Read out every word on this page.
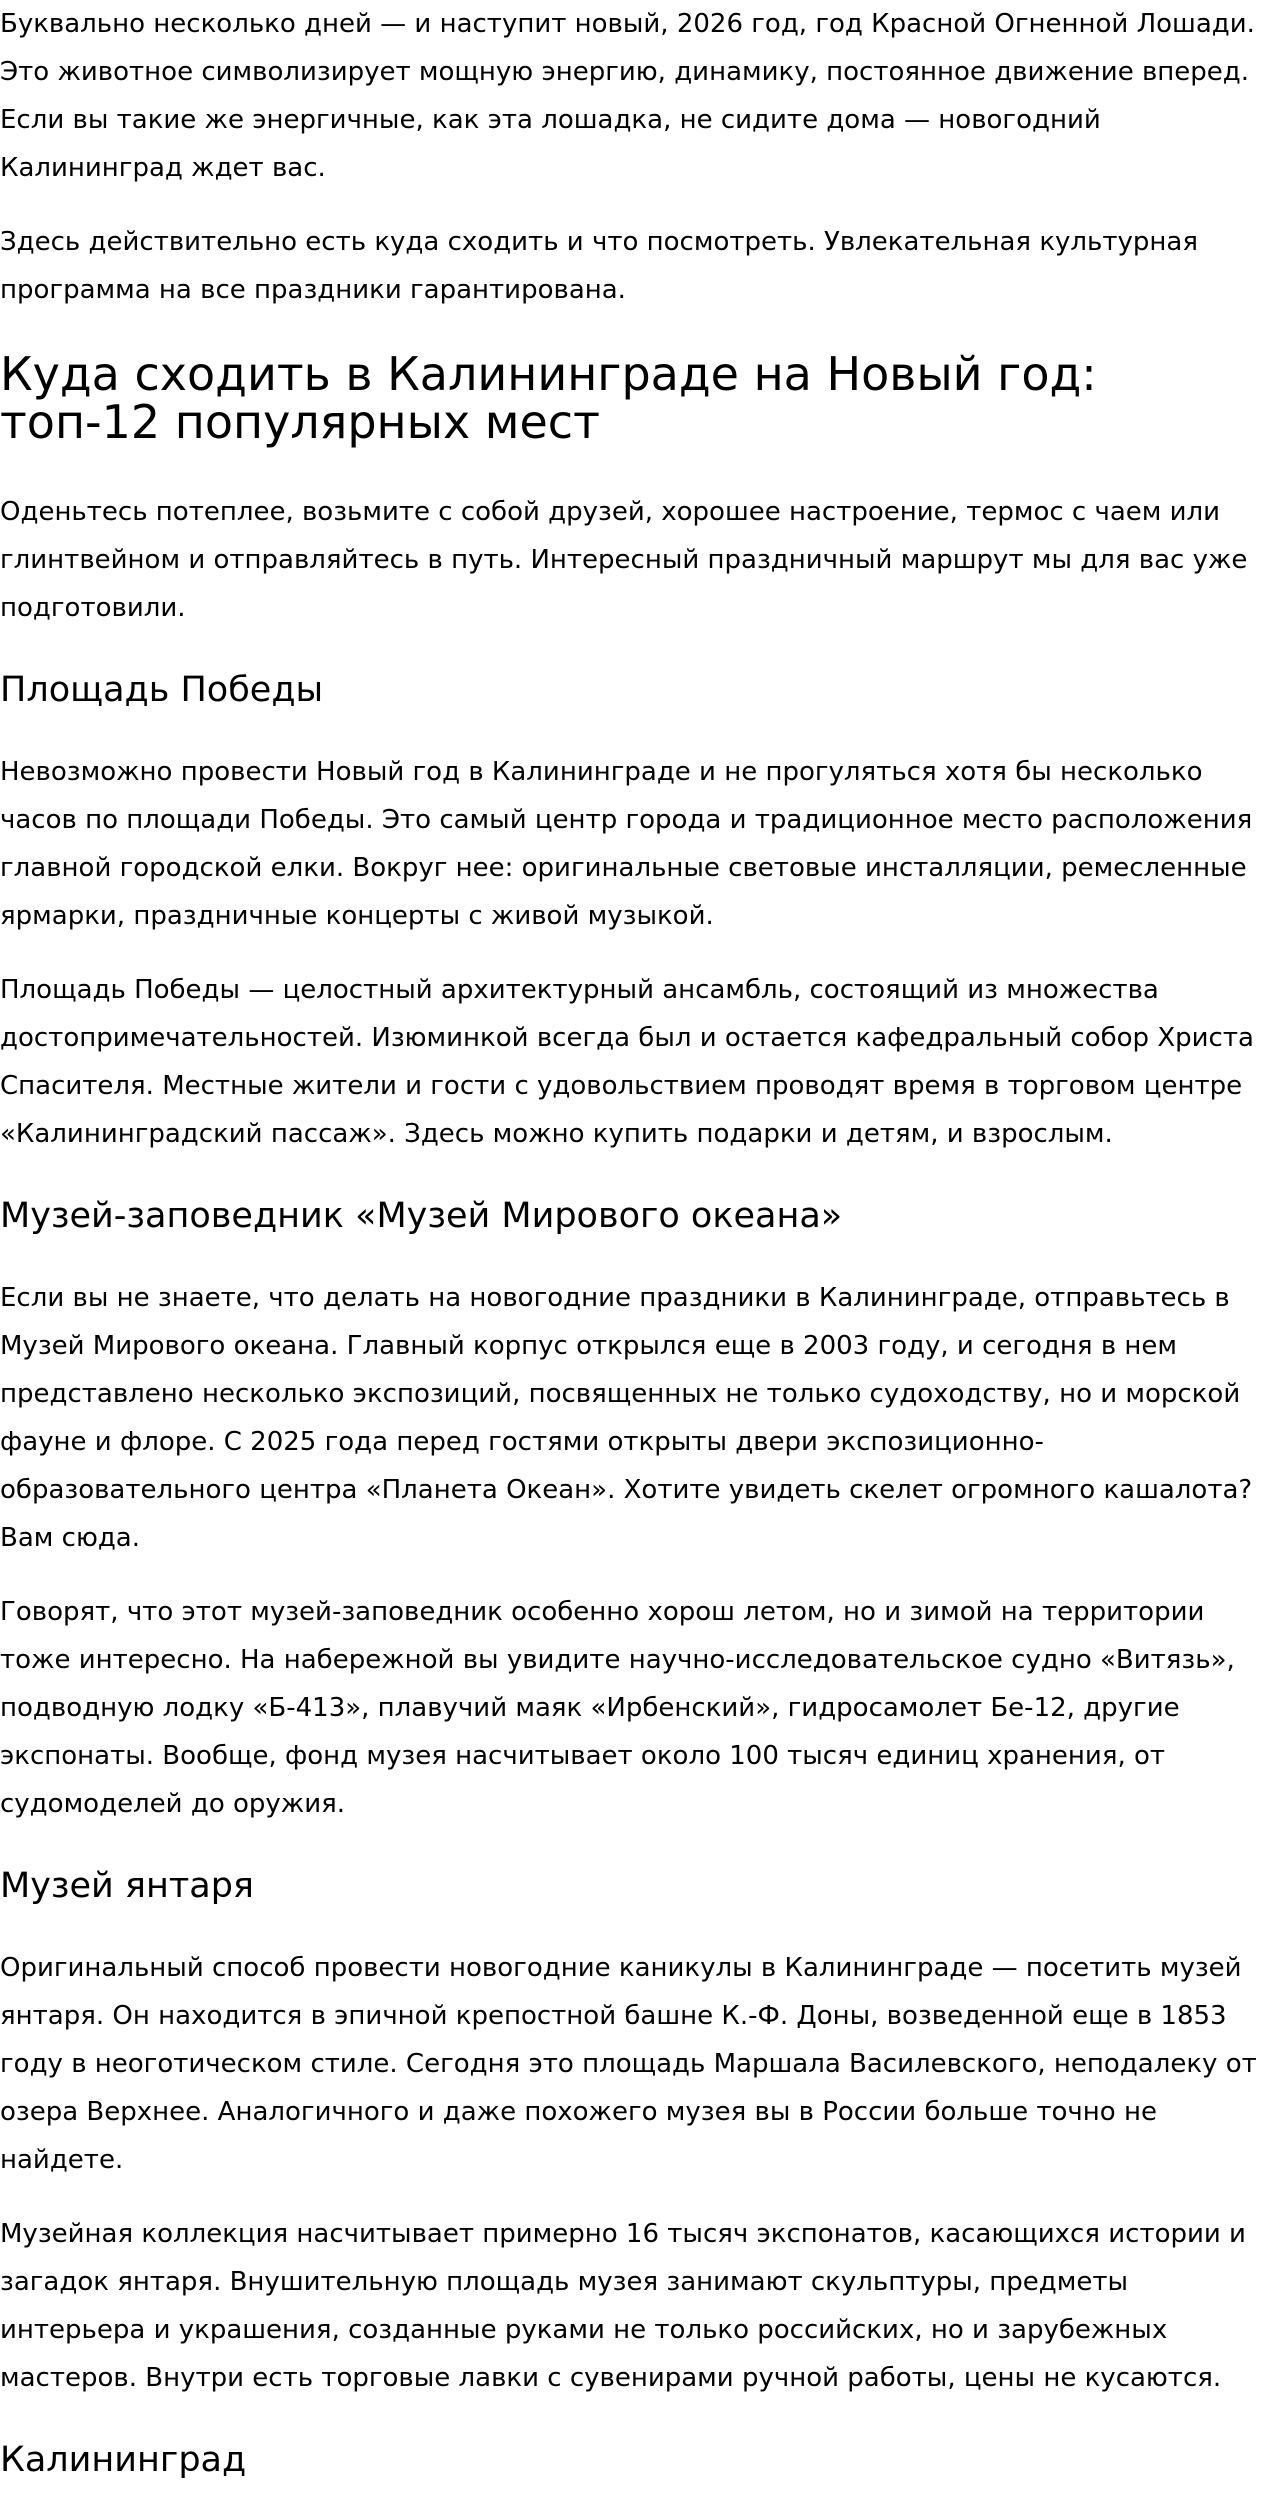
Буквально несколько дней — и наступит новый, 2026 год, год Красной Огненной Лошади. Это животное символизирует мощную энергию, динамику, постоянное движение вперед. Если вы такие же энергичные, как эта лошадка, не сидите дома — новогодний Калининград ждет вас.

Здесь действительно есть куда сходить и что посмотреть. Увлекательная культурная программа на все праздники гарантирована.

Куда сходить в Калининграде на Новый год: топ-12 популярных мест

Оденьтесь потеплее, возьмите с собой друзей, хорошее настроение, термос с чаем или глинтвейном и отправляйтесь в путь. Интересный праздничный маршрут мы для вас уже подготовили.

Площадь Победы

Невозможно провести Новый год в Калининграде и не прогуляться хотя бы несколько часов по площади Победы. Это самый центр города и традиционное место расположения главной городской елки. Вокруг нее: оригинальные световые инсталляции, ремесленные ярмарки, праздничные концерты с живой музыкой.

Площадь Победы — целостный архитектурный ансамбль, состоящий из множества достопримечательностей. Изюминкой всегда был и остается кафедральный собор Христа Спасителя. Местные жители и гости с удовольствием проводят время в торговом центре «Калининградский пассаж». Здесь можно купить подарки и детям, и взрослым.

Музей-заповедник «Музей Мирового океана»

Если вы не знаете, что делать на новогодние праздники в Калининграде, отправьтесь в Музей Мирового океана. Главный корпус открылся еще в 2003 году, и сегодня в нем представлено несколько экспозиций, посвященных не только судоходству, но и морской фауне и флоре. С 2025 года перед гостями открыты двери экспозиционно-образовательного центра «Планета Океан». Хотите увидеть скелет огромного кашалота? Вам сюда.

Говорят, что этот музей-заповедник особенно хорош летом, но и зимой на территории тоже интересно. На набережной вы увидите научно-исследовательское судно «Витязь», подводную лодку «Б-413», плавучий маяк «Ирбенский», гидросамолет Бе-12, другие экспонаты. Вообще, фонд музея насчитывает около 100 тысяч единиц хранения, от судомоделей до оружия.

Музей янтаря

Оригинальный способ провести новогодние каникулы в Калининграде — посетить музей янтаря. Он находится в эпичной крепостной башне К.-Ф. Доны, возведенной еще в 1853 году в неоготическом стиле. Сегодня это площадь Маршала Василевского, неподалеку от озера Верхнее. Аналогичного и даже похожего музея вы в России больше точно не найдете.

Музейная коллекция насчитывает примерно 16 тысяч экспонатов, касающихся истории и загадок янтаря. Внушительную площадь музея занимают скульптуры, предметы интерьера и украшения, созданные руками не только российских, но и зарубежных мастеров. Внутри есть торговые лавки с сувенирами ручной работы, цены не кусаются.

Калининград
